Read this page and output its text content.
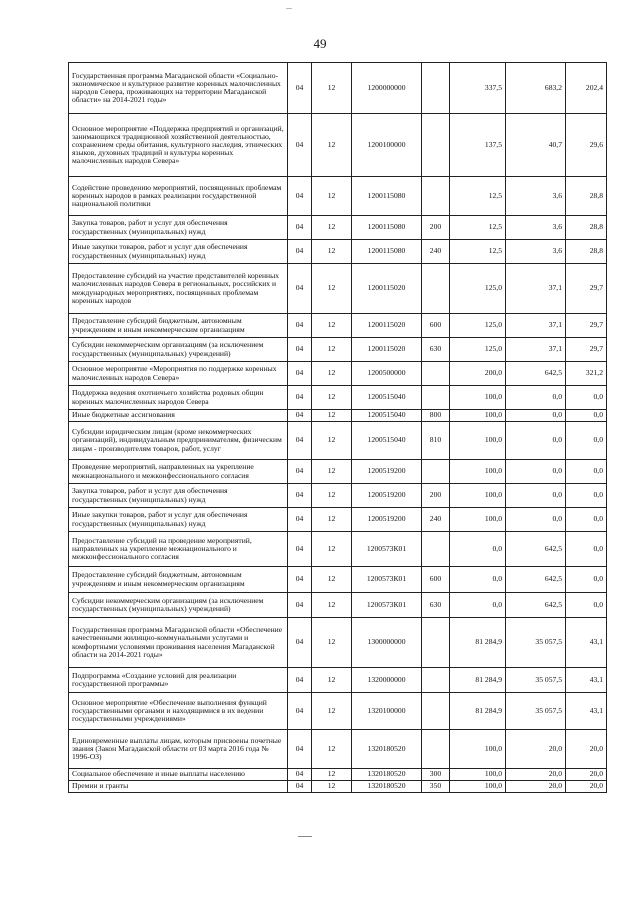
49
Государственная программа Магаданской области «Социально-экономическое и культурное развитие коренных малочисленных народов Севера, проживающих на территории Магаданской области» на 2014-2021 годы»	04	12	1200000000		337,5	683,2	202,4
Основное мероприятие «Поддержка предприятий и организаций, занимающихся традиционной хозяйственной деятельностью, сохранением среды обитания, культурного наследия, этнических языков, духовных традиций и культуры коренных малочисленных народов Севера»	04	12	1200100000		137,5	40,7	29,6
Содействие проведению мероприятий, посвященных проблемам коренных народов в рамках реализации государственной национальной политики	04	12	1200115080		12,5	3,6	28,8
Закупка товаров, работ и услуг для обеспечения государственных (муниципальных) нужд	04	12	1200115080	200	12,5	3,6	28,8
Иные закупки товаров, работ и услуг для обеспечения государственных (муниципальных) нужд	04	12	1200115080	240	12,5	3,6	28,8
Предоставление субсидий на участие представителей коренных малочисленных народов Севера в региональных, российских и международных мероприятиях, посвященных проблемам коренных народов	04	12	1200115020		125,0	37,1	29,7
Предоставление субсидий бюджетным, автономным учреждениям и иным некоммерческим организациям	04	12	1200115020	600	125,0	37,1	29,7
Субсидии некоммерческим организациям (за исключением государственных (муниципальных) учреждений)	04	12	1200115020	630	125,0	37,1	29,7
Основное мероприятие «Мероприятия по поддержке коренных малочисленных народов Севера»	04	12	1200500000		200,0	642,5	321,2
Поддержка ведения охотничьего хозяйства родовых общин коренных малочисленных народов Севера	04	12	1200515040		100,0	0,0	0,0
Иные бюджетные ассигнования	04	12	1200515040	800	100,0	0,0	0,0
Субсидии юридическим лицам (кроме некоммерческих организаций), индивидуальным предпринимателям, физическим лицам - производителям товаров, работ, услуг	04	12	1200515040	810	100,0	0,0	0,0
Проведение мероприятий, направленных на укрепление межнационального и межконфессионального согласия	04	12	1200519200		100,0	0,0	0,0
Закупка товаров, работ и услуг для обеспечения государственных (муниципальных) нужд	04	12	1200519200	200	100,0	0,0	0,0
Иные закупки товаров, работ и услуг для обеспечения государственных (муниципальных) нужд	04	12	1200519200	240	100,0	0,0	0,0
Предоставление субсидий на проведение мероприятий, направленных на укрепление межнационального и межконфессионального согласия	04	12	1200573К01		0,0	642,5	0,0
Предоставление субсидий бюджетным, автономным учреждениям и иным некоммерческим организациям	04	12	1200573К01	600	0,0	642,5	0,0
Субсидии некоммерческим организациям (за исключением государственных (муниципальных) учреждений)	04	12	1200573К01	630	0,0	642,5	0,0
Государственная программа Магаданской области «Обеспечение качественными жилищно-коммунальными услугами и комфортными условиями проживания населения Магаданской области на 2014-2021 годы»	04	12	1300000000		81 284,9	35 057,5	43,1
Подпрограмма «Создание условий для реализации государственной программы»	04	12	1320000000		81 284,9	35 057,5	43,1
Основное мероприятие «Обеспечение выполнения функций государственными органами и находящимися в их ведении государственными учреждениями»	04	12	1320100000		81 284,9	35 057,5	43,1
Единовременные выплаты лицам, которым присвоены почетные звания (Закон Магаданской области от 03 марта 2016 года № 1996-ОЗ)	04	12	1320180520		100,0	20,0	20,0
Социальное обеспечение и иные выплаты населению	04	12	1320180520	300	100,0	20,0	20,0
Премии и гранты	04	12	1320180520	350	100,0	20,0	20,0
